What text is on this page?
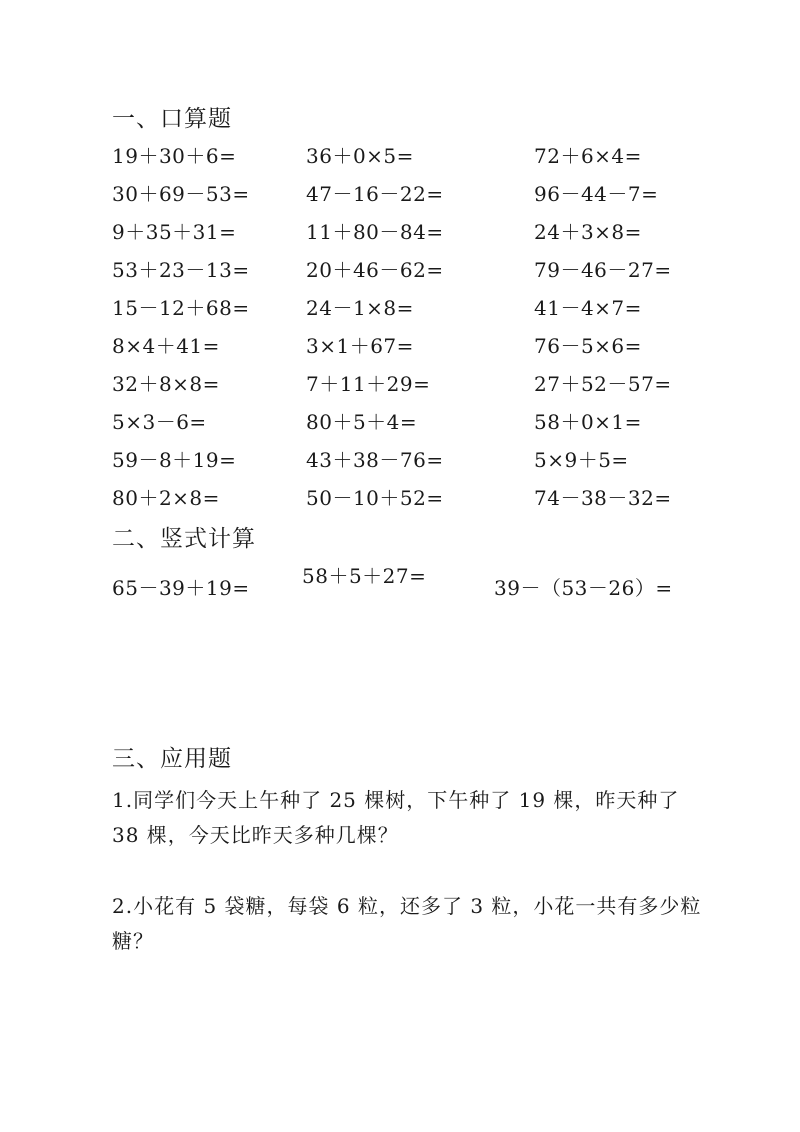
一、口算题
19＋30＋6=	36＋0×5=	72＋6×4=
30＋69－53=	47－16－22=	96－44－7=
9＋35＋31=	11＋80－84=	24＋3×8=
53＋23－13=	20＋46－62=	79－46－27=
15－12＋68=	24－1×8=	41－4×7=
8×4＋41=	3×1＋67=	76－5×6=
32＋8×8=	7＋11＋29=	27＋52－57=
5×3－6=	80＋5＋4=	58＋0×1=
59－8＋19=	43＋38－76=	5×9＋5=
80＋2×8=	50－10＋52=	74－38－32=
二、竖式计算
65－39＋19=	58＋5＋27=	39－（53－26）=
三、应用题
1.同学们今天上午种了 25 棵树，下午种了 19 棵，昨天种了 38 棵，今天比昨天多种几棵？
2.小花有 5 袋糖，每袋 6 粒，还多了 3 粒，小花一共有多少粒糖？
